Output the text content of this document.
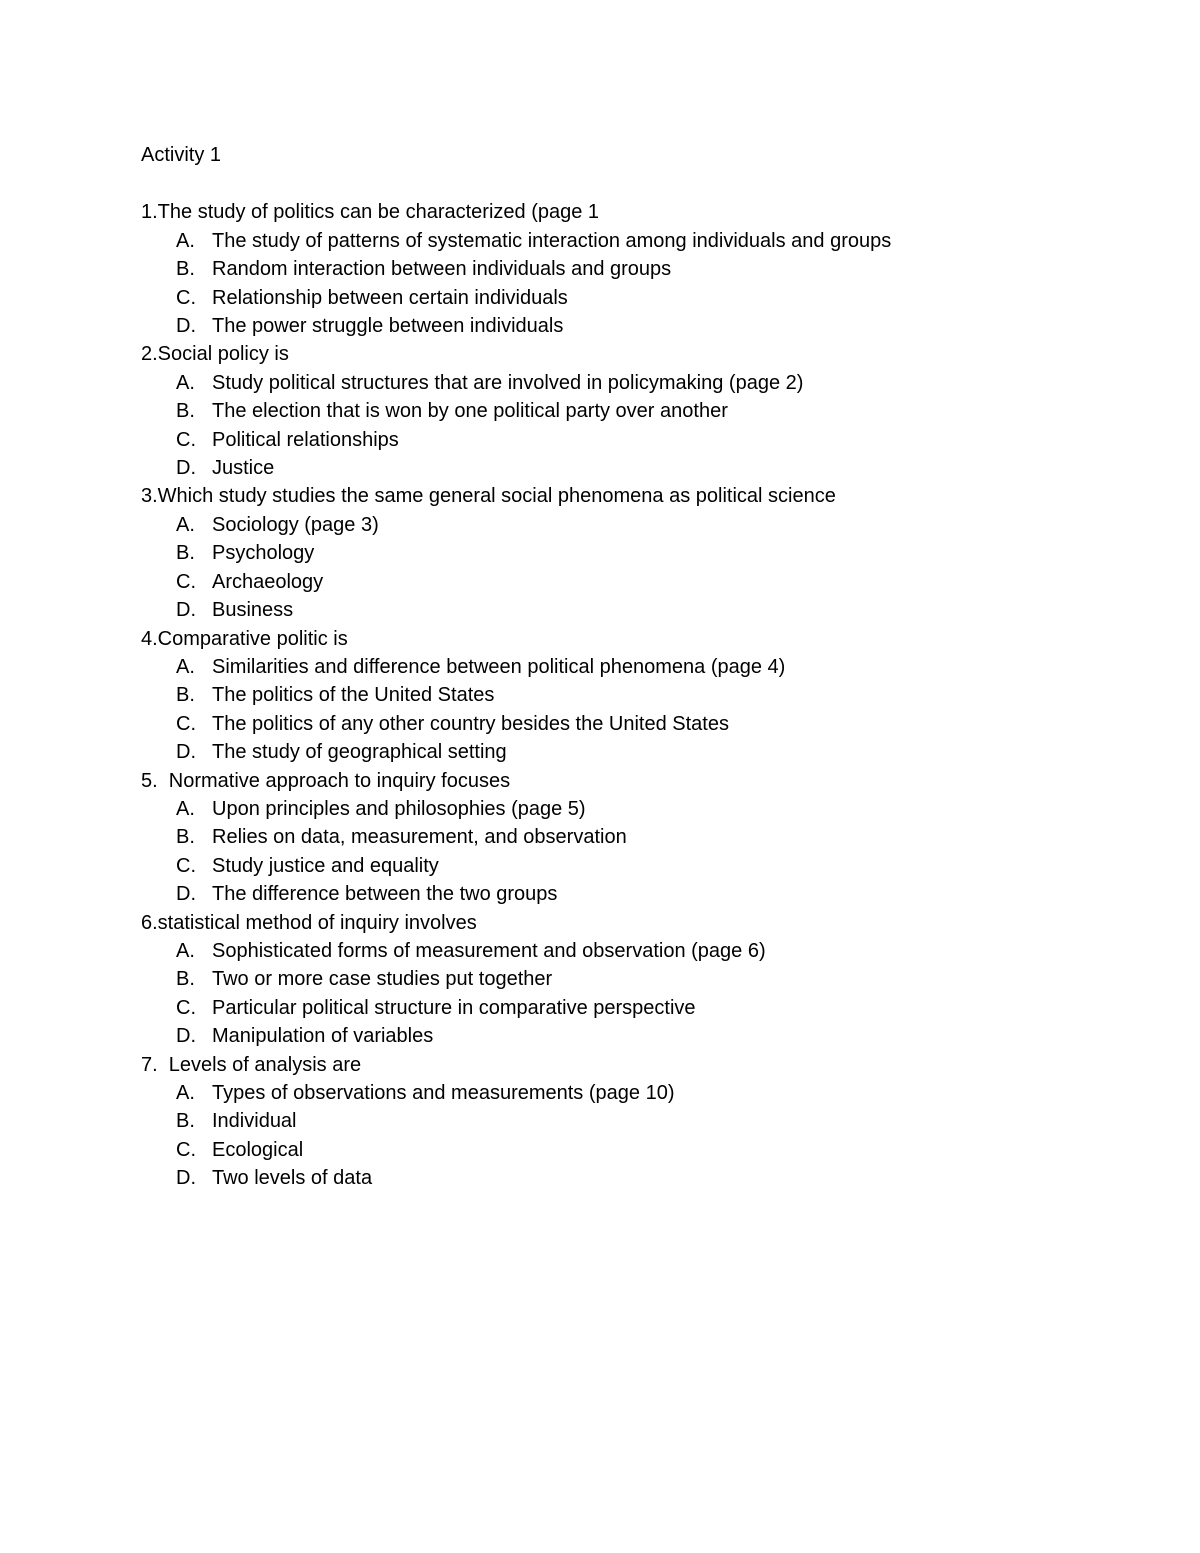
Activity 1
1.The study of politics can be characterized (page 1
A. The study of patterns of systematic interaction among individuals and groups
B. Random interaction between individuals and groups
C. Relationship between certain individuals
D. The power struggle between individuals
2.Social policy is
A. Study political structures that are involved in policymaking (page 2)
B. The election that is won by one political party over another
C. Political relationships
D. Justice
3.Which study studies the same general social phenomena as political science
A. Sociology (page 3)
B. Psychology
C. Archaeology
D. Business
4.Comparative politic is
A. Similarities and difference between political phenomena (page 4)
B. The politics of the United States
C. The politics of any other country besides the United States
D. The study of geographical setting
5.  Normative approach to inquiry focuses
A. Upon principles and philosophies (page 5)
B. Relies on data, measurement, and observation
C. Study justice and equality
D. The difference between the two groups
6.statistical method of inquiry involves
A. Sophisticated forms of measurement and observation (page 6)
B. Two or more case studies put together
C. Particular political structure in comparative perspective
D. Manipulation of variables
7.  Levels of analysis are
A. Types of observations and measurements (page 10)
B. Individual
C. Ecological
D. Two levels of data
